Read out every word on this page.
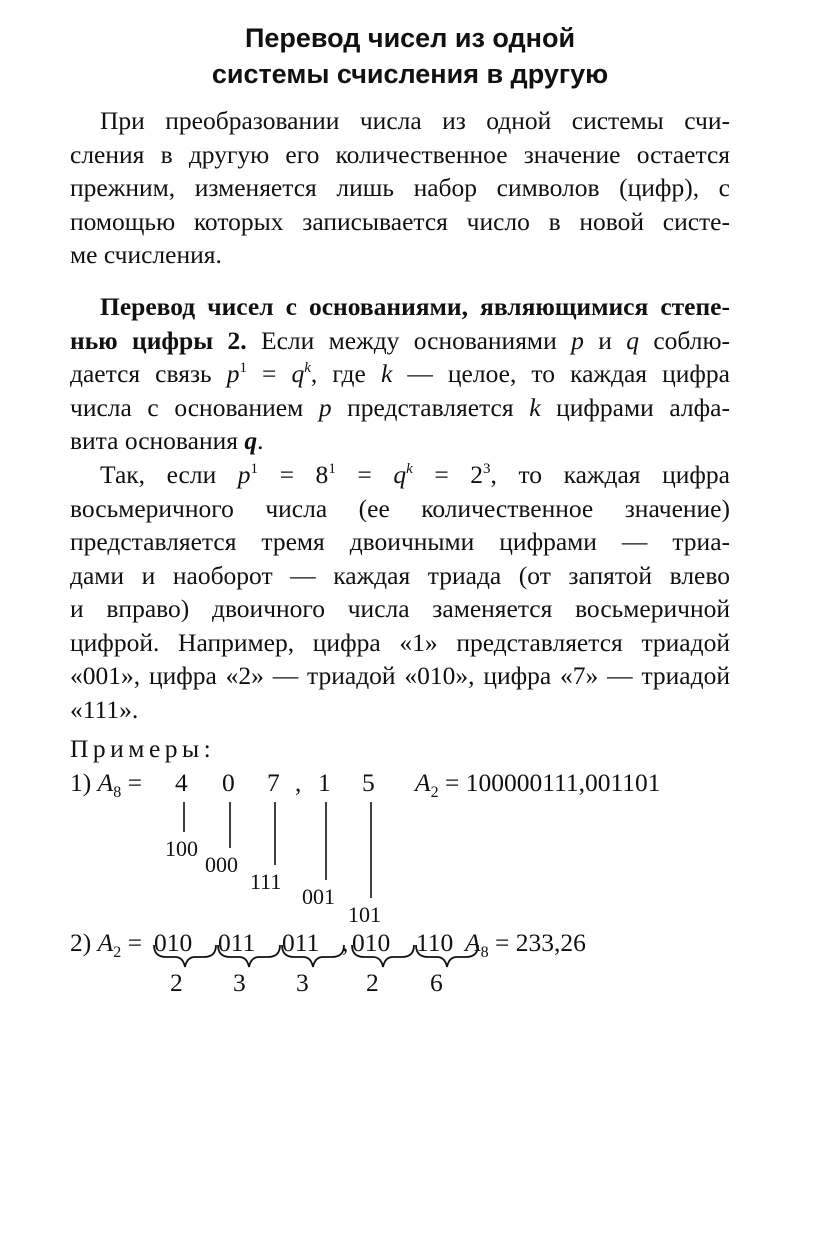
Перевод чисел из одной
системы счисления в другую
При преобразовании числа из одной системы счи-
сления в другую его количественное значение остается
прежним, изменяется лишь набор символов (цифр), с
помощью которых записывается число в новой систе-
ме счисления.
Перевод чисел с основаниями, являющимися степе-
нью цифры 2. Если между основаниями p и q соблю-
дается связь $p^1 = q^k$, где k — целое, то каждая цифра
числа с основанием p представляется k цифрами алфа-
вита основания q.
Так, если $p^1 = 8^1 = q^k = 2^3$, то каждая цифра
восьмеричного числа (ее количественное значение)
представляется тремя двоичными цифрами — триа-
дами и наоборот — каждая триада (от запятой влево
и вправо) двоичного числа заменяется восьмеричной
цифрой. Например, цифра «1» представляется триадой
«001», цифра «2» — триадой «010», цифра «7» — триадой
«111».
Примеры:
1) $A_8 = 4$ 0 7 , 1 5 $A_2 = 100000111,001101$
100
000
111
001
101
2) $A_2 = 010$ 011 011 , 010 110 $A_8 = 233,26$
2 3 3 2 6
